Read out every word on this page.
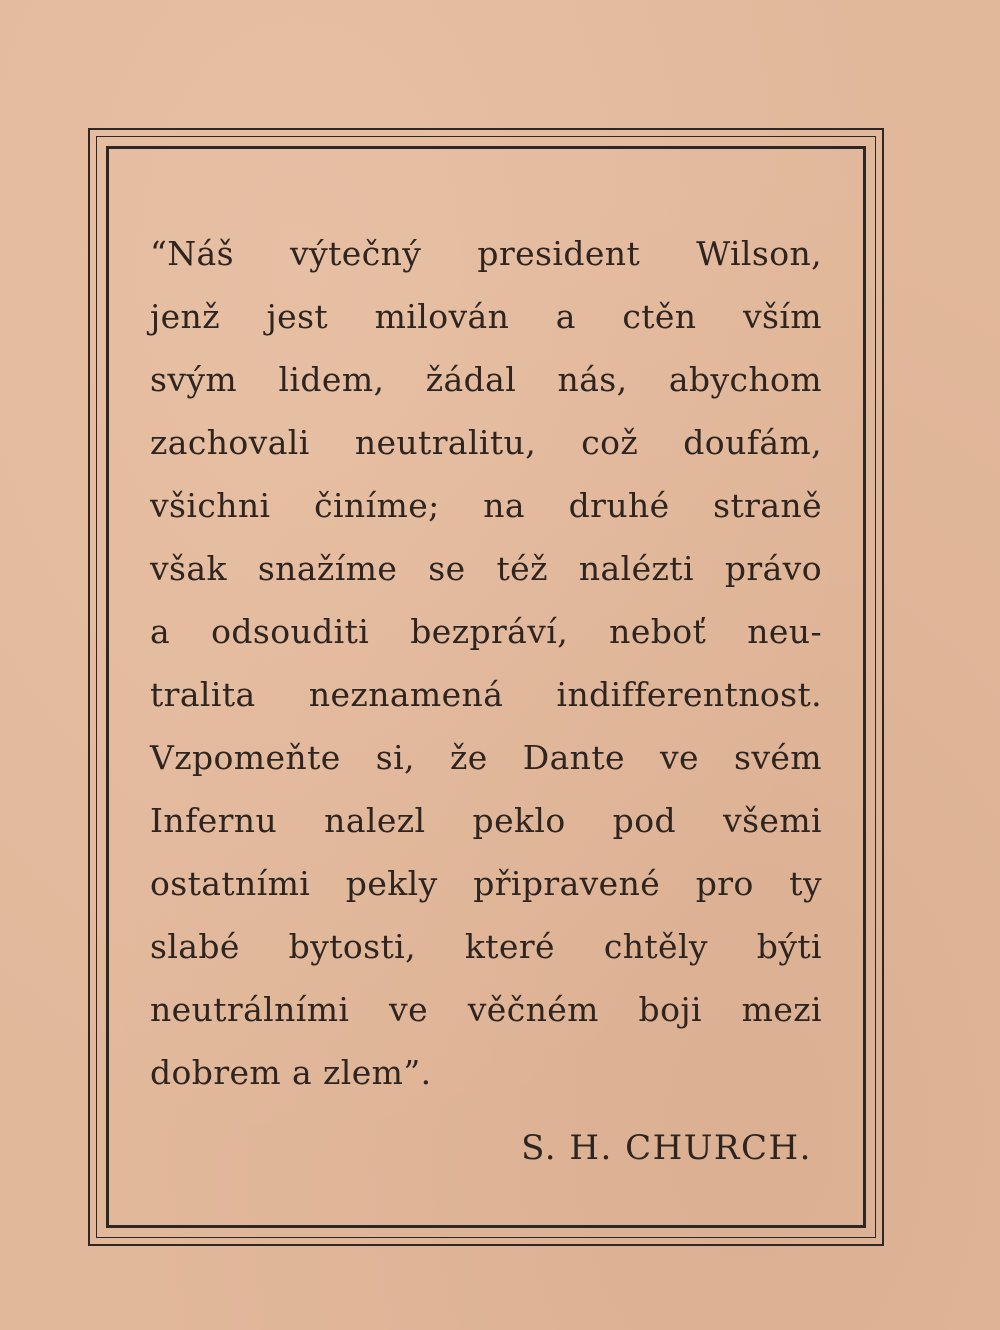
“Náš výtečný president Wilson,
jenž jest milován a ctěn vším
svým lidem, žádal nás, abychom
zachovali neutralitu, což doufám,
všichni činíme; na druhé straně
však snažíme se též nalézti právo
a odsouditi bezpráví, neboť neu-
tralita neznamená indifferentnost.
Vzpomeňte si, že Dante ve svém
Infernu nalezl peklo pod všemi
ostatními pekly připravené pro ty
slabé bytosti, které chtěly býti
neutrálními ve věčném boji mezi
dobrem a zlem”.
S. H. CHURCH.
